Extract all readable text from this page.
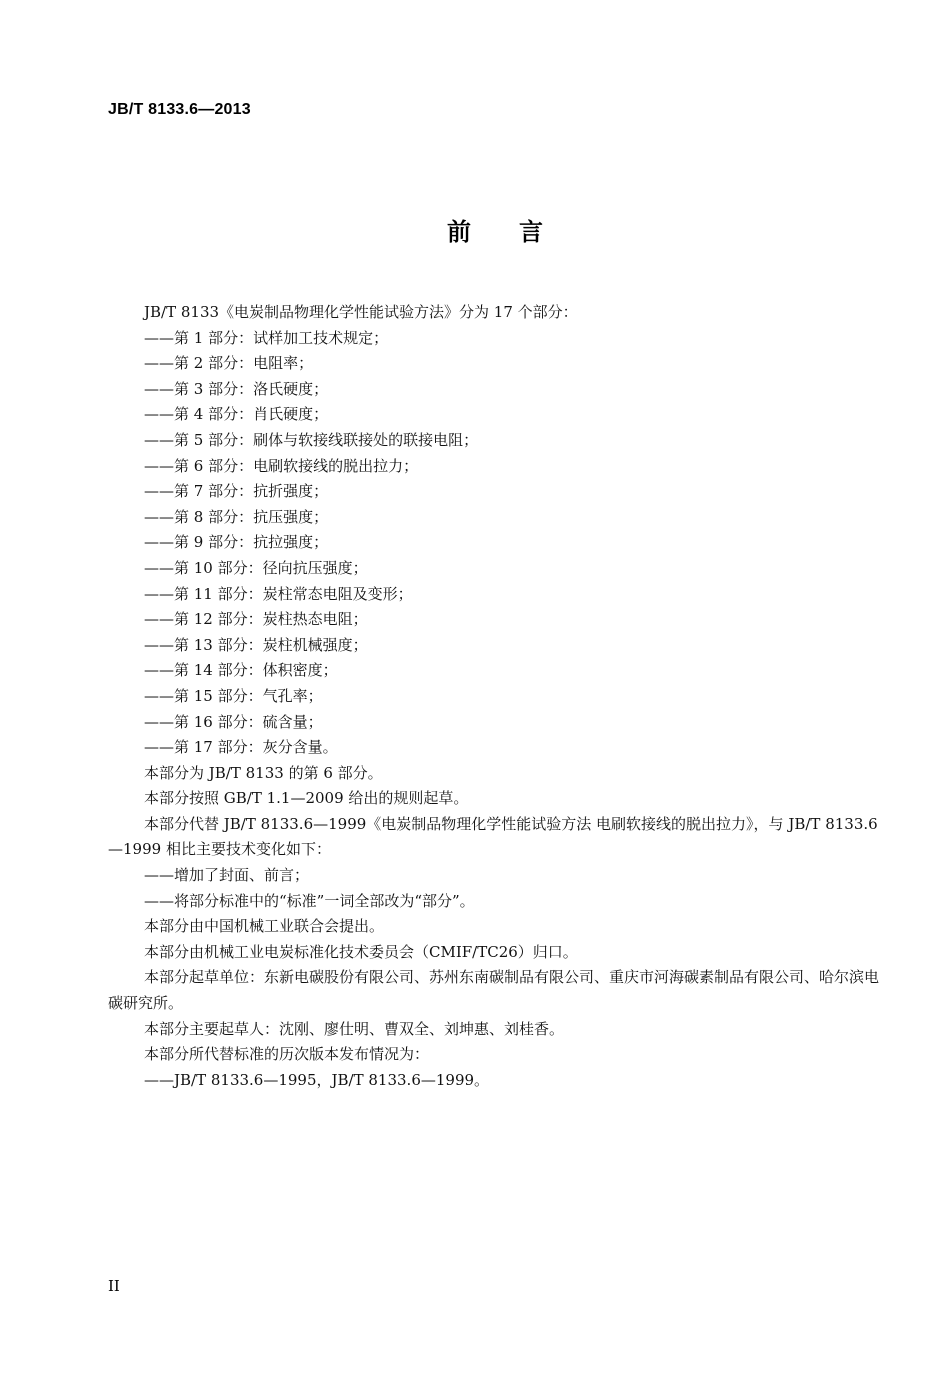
JB/T 8133.6—2013
前 言

JB/T 8133《电炭制品物理化学性能试验方法》分为 17 个部分：

——第 1 部分：试样加工技术规定；

——第 2 部分：电阻率；

——第 3 部分：洛氏硬度；

——第 4 部分：肖氏硬度；

——第 5 部分：刷体与软接线联接处的联接电阻；

——第 6 部分：电刷软接线的脱出拉力；

——第 7 部分：抗折强度；

——第 8 部分：抗压强度；

——第 9 部分：抗拉强度；

——第 10 部分：径向抗压强度；

——第 11 部分：炭柱常态电阻及变形；

——第 12 部分：炭柱热态电阻；

——第 13 部分：炭柱机械强度；

——第 14 部分：体积密度；

——第 15 部分：气孔率；

——第 16 部分：硫含量；

——第 17 部分：灰分含量。

本部分为 JB/T 8133 的第 6 部分。

本部分按照 GB/T 1.1—2009 给出的规则起草。

本部分代替 JB/T 8133.6—1999《电炭制品物理化学性能试验方法 电刷软接线的脱出拉力》，与 JB/T 8133.6—1999 相比主要技术变化如下：

——增加了封面、前言；

——将部分标准中的“标准”一词全部改为“部分”。

本部分由中国机械工业联合会提出。

本部分由机械工业电炭标准化技术委员会（CMIF/TC26）归口。

本部分起草单位：东新电碳股份有限公司、苏州东南碳制品有限公司、重庆市河海碳素制品有限公司、哈尔滨电碳研究所。

本部分主要起草人：沈刚、廖仕明、曹双全、刘坤惠、刘桂香。

本部分所代替标准的历次版本发布情况为：

——JB/T 8133.6—1995，JB/T 8133.6—1999。

II
